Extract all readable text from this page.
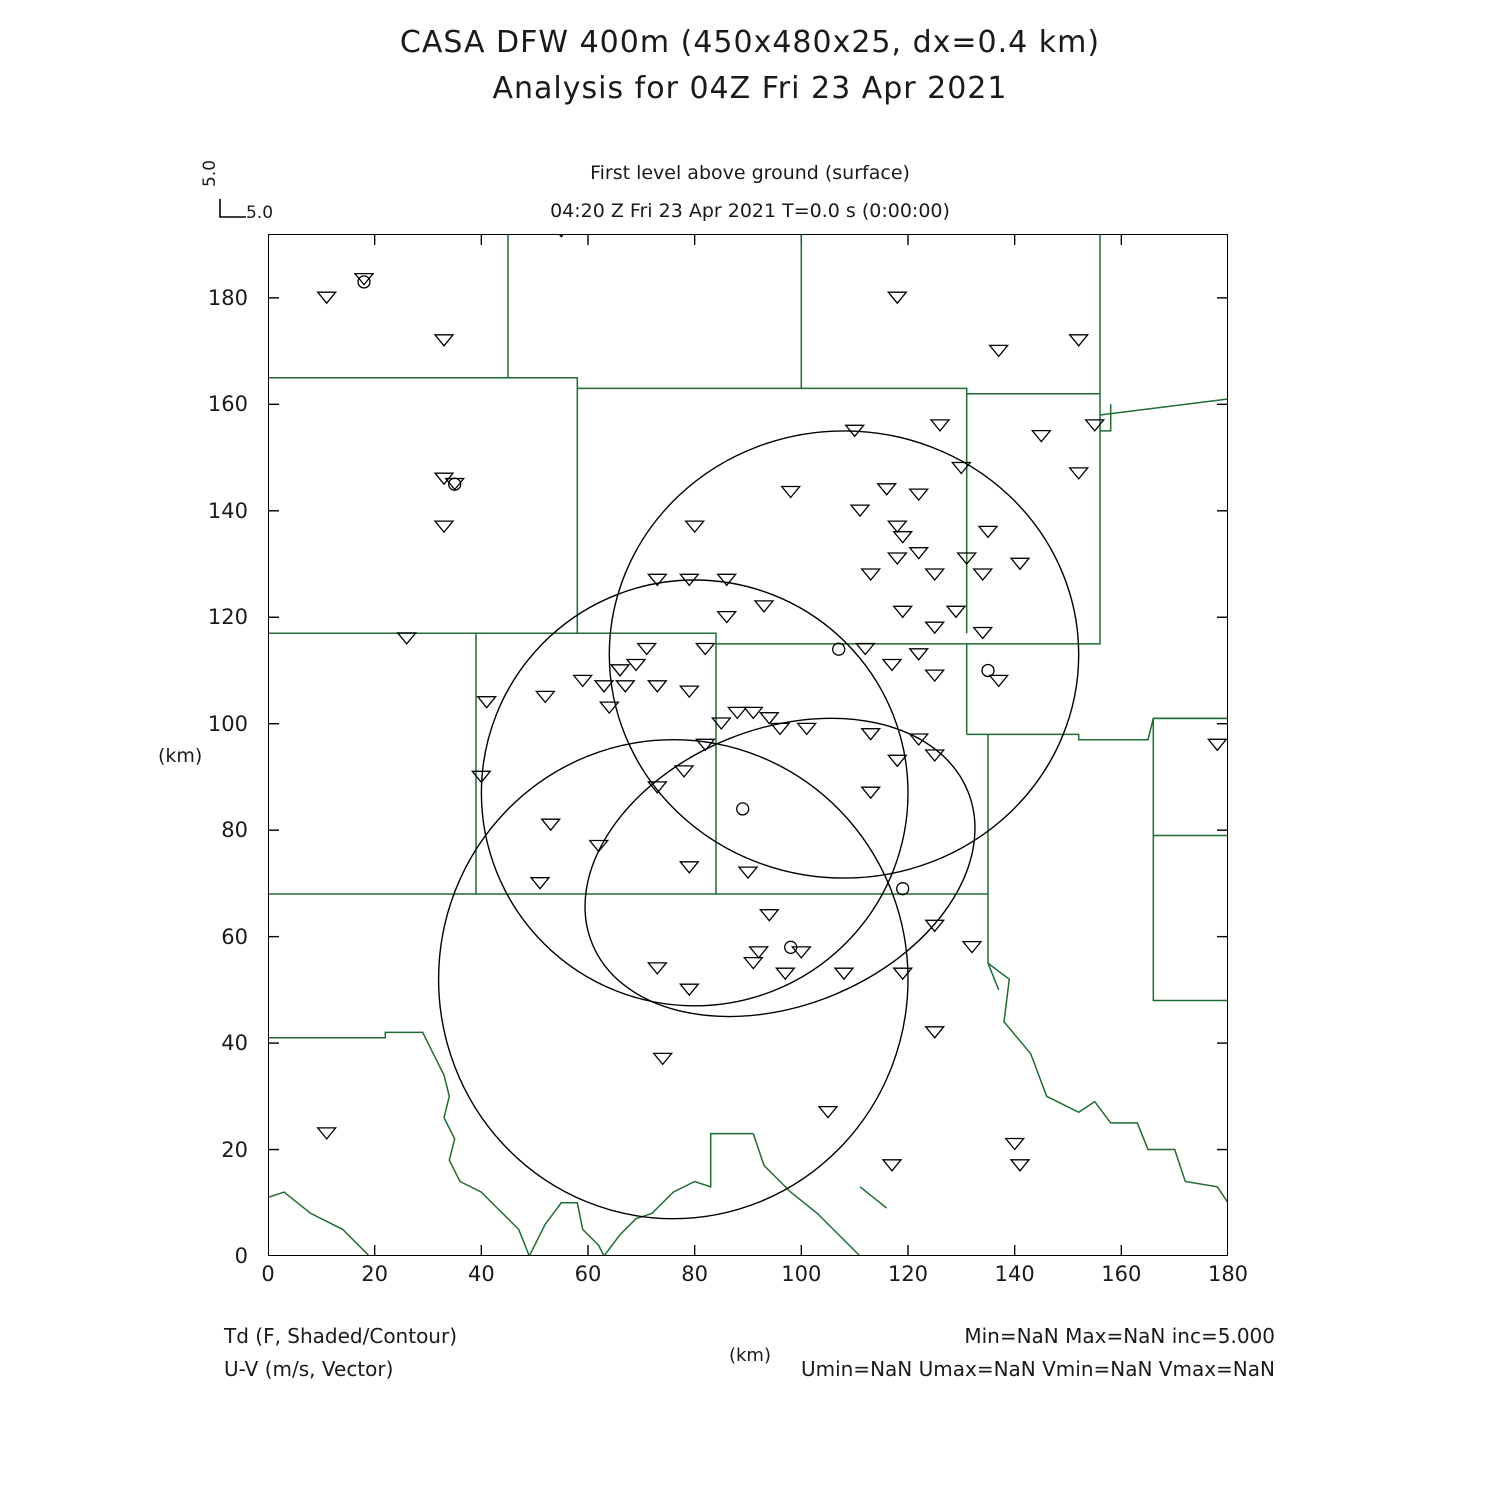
CASA DFW 400m (450x480x25, dx=0.4 km)
Analysis for 04Z Fri 23 Apr 2021
First level above ground (surface)
04:20 Z Fri 23 Apr 2021 T=0.0 s (0:00:00)
5.0
5.0
0	20	40	60	80	100	120	140	160	180
0
20
40
60
80
100
120
140
160
180
(km)
(km)
Td (F, Shaded/Contour)
U-V (m/s, Vector)
Min=NaN Max=NaN inc=5.000
Umin=NaN Umax=NaN Vmin=NaN Vmax=NaN
